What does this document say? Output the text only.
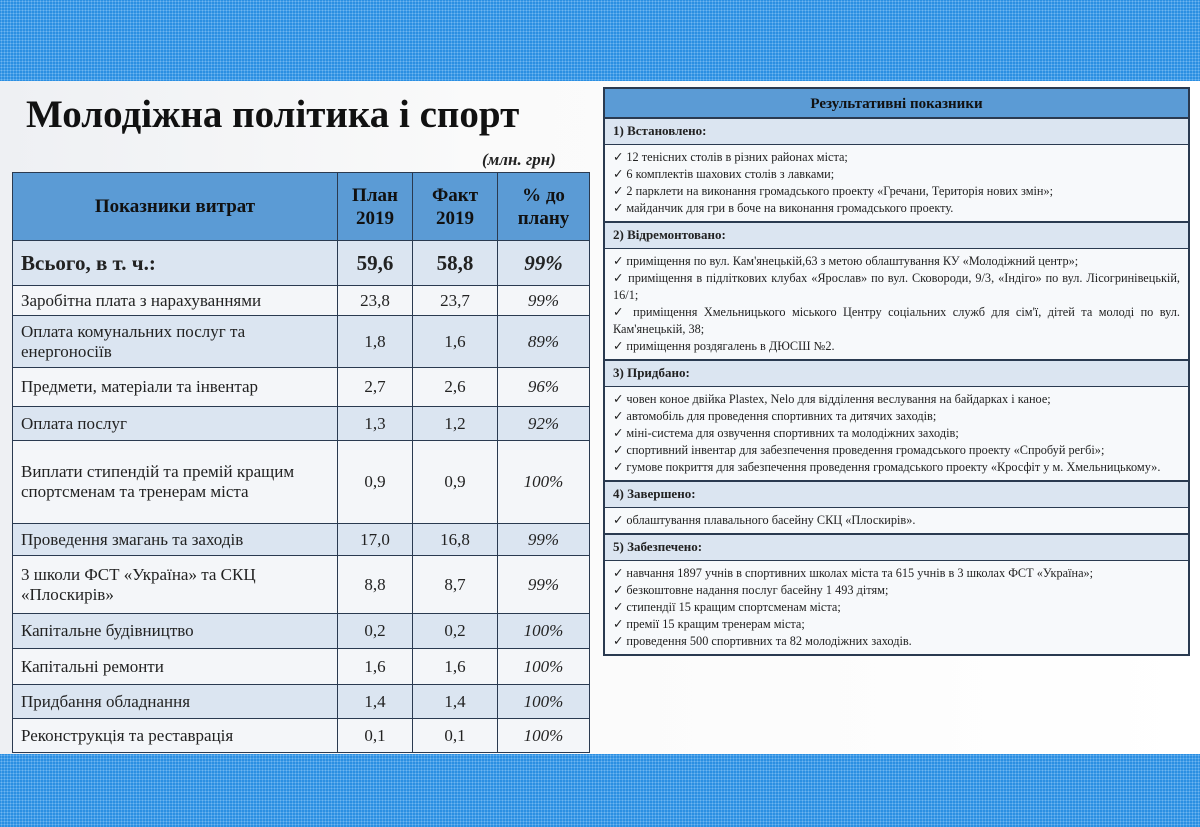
Молодіжна політика і спорт
(млн. грн)
Показники витрат	План 2019	Факт 2019	% до плану
Всього, в т. ч.:	59,6	58,8	99%
Заробітна плата з нарахуваннями	23,8	23,7	99%
Оплата комунальних послуг та енергоносіїв	1,8	1,6	89%
Предмети, матеріали та інвентар	2,7	2,6	96%
Оплата послуг	1,3	1,2	92%
Виплати стипендій та премій кращим спортсменам та тренерам міста	0,9	0,9	100%
Проведення змагань та заходів	17,0	16,8	99%
3 школи ФСТ «Україна» та СКЦ «Плоскирів»	8,8	8,7	99%
Капітальне будівництво	0,2	0,2	100%
Капітальні ремонти	1,6	1,6	100%
Придбання обладнання	1,4	1,4	100%
Реконструкція та реставрація	0,1	0,1	100%
Результативні показники
1) Встановлено:
✓ 12 тенісних столів в різних районах міста;
✓ 6 комплектів шахових столів з лавками;
✓ 2 парклети на виконання громадського проекту «Гречани, Територія нових змін»;
✓ майданчик для гри в боче на виконання громадського проекту.
2) Відремонтовано:
✓ приміщення по вул. Кам'янецькій,63 з метою облаштування КУ «Молодіжний центр»;
✓ приміщення в підліткових клубах «Ярослав» по вул. Сковороди, 9/3, «Індіго» по вул. Лісогринівецькій, 16/1;
✓ приміщення Хмельницького міського Центру соціальних служб для сім'ї, дітей та молоді по вул. Кам'янецькій, 38;
✓ приміщення роздягалень в ДЮСШ №2.
3) Придбано:
✓ човен коное двійка Plastex, Nelo для відділення веслування на байдарках і каное;
✓ автомобіль для проведення спортивних та дитячих заходів;
✓ міні-система для озвучення спортивних та молодіжних заходів;
✓ спортивний інвентар для забезпечення проведення громадського проекту «Спробуй регбі»;
✓ гумове покриття для забезпечення проведення громадського проекту «Кросфіт у м. Хмельницькому».
4) Завершено:
✓ облаштування плавального басейну СКЦ «Плоскирів».
5) Забезпечено:
✓ навчання 1897 учнів в спортивних школах міста та 615 учнів в 3 школах ФСТ «Україна»;
✓ безкоштовне надання послуг басейну 1 493 дітям;
✓ стипендії 15 кращим спортсменам міста;
✓ премії 15 кращим тренерам міста;
✓ проведення 500 спортивних та 82 молодіжних заходів.
